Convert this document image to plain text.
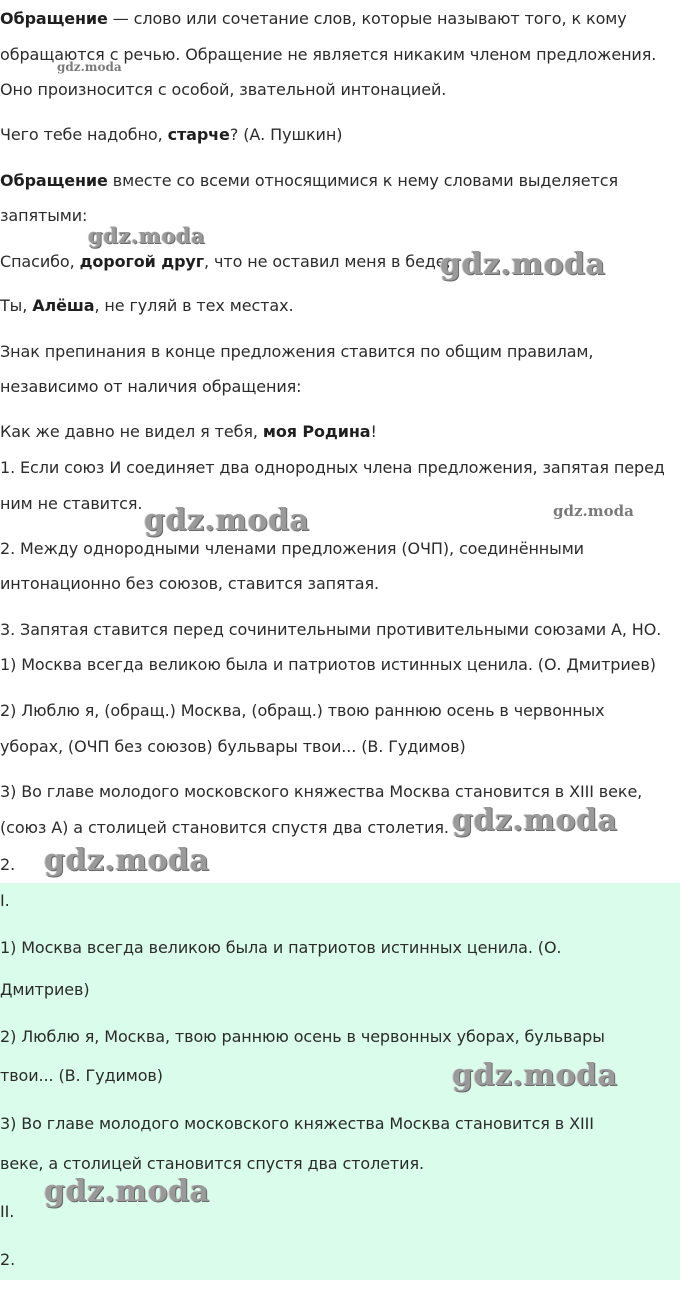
Обращение — слово или сочетание слов, которые называют того, к кому

обращаются с речью. Обращение не является никаким членом предложения.

Оно произносится с особой, звательной интонацией.

Чего тебе надобно, старче? (А. Пушкин)

Обращение вместе со всеми относящимися к нему словами выделяется

запятыми:

Спасибо, дорогой друг, что не оставил меня в беде;

Ты, Алёша, не гуляй в тех местах.

Знак препинания в конце предложения ставится по общим правилам,

независимо от наличия обращения:

Как же давно не видел я тебя, моя Родина!

1. Если союз И соединяет два однородных члена предложения, запятая перед

ним не ставится.

2. Между однородными членами предложения (ОЧП), соединёнными

интонационно без союзов, ставится запятая.

3. Запятая ставится перед сочинительными противительными союзами А, НО.

1) Москва всегда великою была и патриотов истинных ценила. (О. Дмитриев)

2) Люблю я, (обращ.) Москва, (обращ.) твою раннюю осень в червонных

уборах, (ОЧП без союзов) бульвары твои... (В. Гудимов)

3) Во главе молодого московского княжества Москва становится в XIII веке,

(союз А) а столицей становится спустя два столетия.

2.

I.

1) Москва всегда великою была и патриотов истинных ценила. (О.

Дмитриев)

2) Люблю я, Москва, твою раннюю осень в червонных уборах, бульвары

твои... (В. Гудимов)

3) Во главе молодого московского княжества Москва становится в XIII

веке, а столицей становится спустя два столетия.

II.

2.

gdz.moda
gdz.moda
gdz.moda
gdz.moda	gdz.moda
gdz.moda
gdz.moda
gdz.moda
gdz.moda
